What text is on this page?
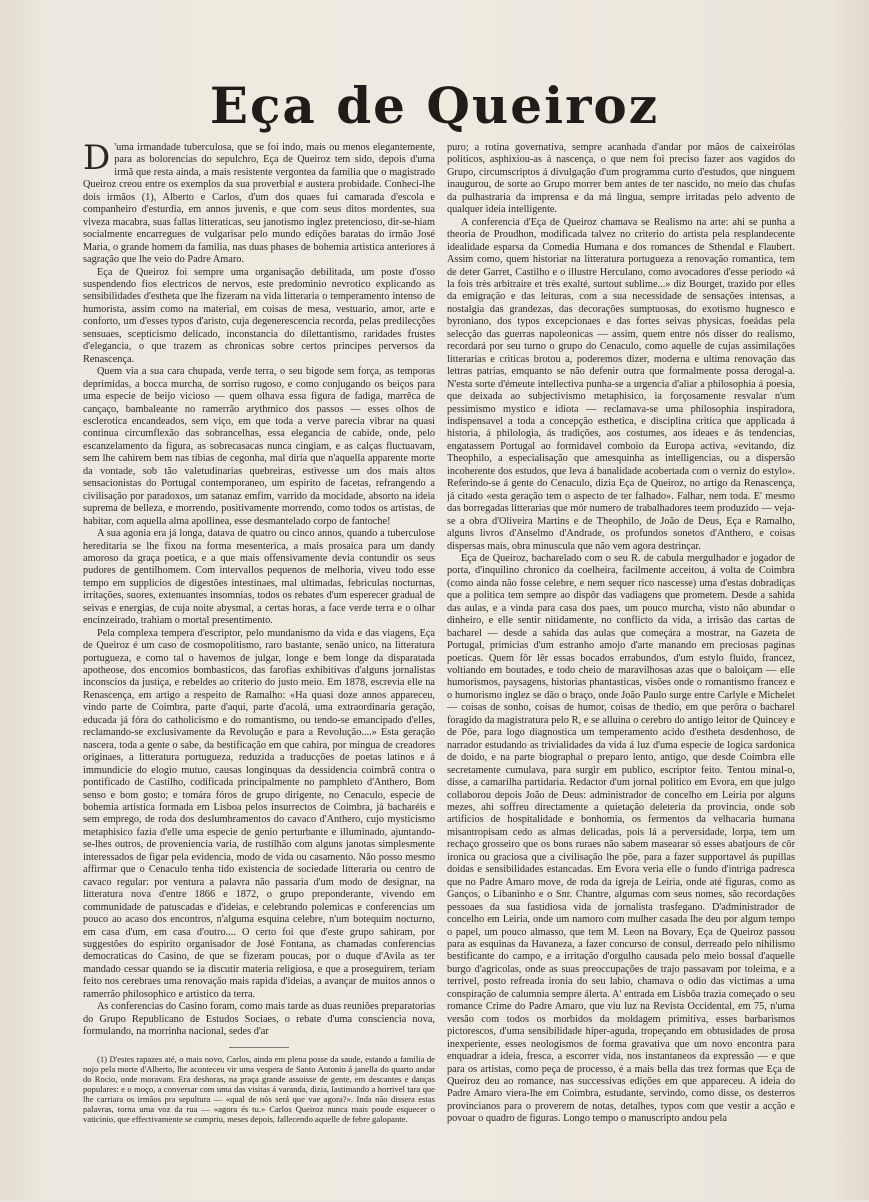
Eça de Queiroz

D 'uma irmandade tuberculosa, que se foi indo, mais ou menos elegantemente, para as bolorencias do sepulchro, Eça de Queiroz tem sido, depois d'uma irmã que resta ainda, a mais resistente vergontea da familia que o magistrado Queiroz creou entre os exemplos da sua proverbial e austera probidade. Conheci-lhe dois irmãos (1), Alberto e Carlos, d'um dos quaes fui camarada d'escola e companheiro d'esturdia, em annos juvenis, e que com seus ditos mordentes, sua viveza macabra, suas fallas litteraticas, seu janotismo inglez pretencioso, dir-se-hiam socialmente encarregues de vulgarisar pelo mundo edições baratas do irmão José Maria, o grande homem da familia, nas duas phases de bohemia artistica anteriores á sagração que lhe veio do Padre Amaro.

Eça de Queiroz foi sempre uma organisação debilitada, um poste d'osso suspendendo fios electricos de nervos, este predominio nevrotico explicando as sensibilidades d'estheta que lhe fizeram na vida litteraria o temperamento intenso de humorista, assim como na material, em coisas de mesa, vestuario, amor, arte e conforto, um d'esses typos d'aristo, cuja degenerescencia recorda, pelas predilecções sensuaes, scepticismo delicado, inconstancia do dilettantismo, raridades frustes d'elegancia, o que trazem as chronicas sobre certos principes perversos da Renascença.

Quem via a sua cara chupada, verde terra, o seu bigode sem força, as temporas deprimidas, a bocca murcha, de sorriso rugoso, e como conjugando os beiços para uma especie de beijo vicioso — quem olhava essa figura de fadiga, marrêca de cançaço, bambaleante no ramerrão arythmico dos passos — esses olhos de esclerotica encandeados, sem viço, em que toda a verve parecia vibrar na quasi continua circumflexão das sobrancelhas, essa elegancia de cabide, onde, pelo escanzelamento da figura, as sobrecasacas nunca cingiam, e as calças fluctuavam, sem lhe cahirem bem nas tibias de cegonha, mal diria que n'aquella apparente morte da vontade, sob tão valetudinarias quebreiras, estivesse um dos mais altos sensacionistas do Portugal contemporaneo, um espirito de facetas, refrangendo a civilisação por paradoxos, um satanaz emfim, varrido da mocidade, absorto na ideia suprema de belleza, e morrendo, positivamente morrendo, como todos os artistas, de habitar, com aquella alma apollinea, esse desmantelado corpo de fantoche!

A sua agonia era já longa, datava de quatro ou cinco annos, quando a tuberculose hereditaria se lhe fixou na forma mesenterica, a mais prosaica para um dandy amoroso da graça poetica, e a que mais offensivamente devia contundir os seus pudores de gentilhomem. Com intervallos pequenos de melhoria, viveu todo esse tempo em supplicios de digestões intestinaes, mal ultimadas, febriculas nocturnas, irritações, suores, extenuantes insomnias, todos os rebates d'um esperecer gradual de seivas e energias, de cuja noite abysmal, a certas horas, a face verde terra e o olhar encinzeirado, trahiam o mortal presentimento.

Pela complexa tempera d'escriptor, pelo mundanismo da vida e das viagens, Eça de Queiroz é um caso de cosmopolitismo, raro bastante, senão unico, na litteratura portugueza, e como tal o havemos de julgar, longe e bem longe da disparatada apotheose, dos encomios bombasticos, das farofias exhibitivas d'alguns jornalistas inconscios da justiça, e rebeldes ao criterio do justo meio. Em 1878, escrevia elle na Renascença, em artigo a respeito de Ramalho: «Ha quasi doze annos appareceu, vindo parte de Coimbra, parte d'aqui, parte d'acolá, uma extraordinaria geração, educada já fóra do catholicismo e do romantismo, ou tendo-se emancipado d'elles, reclamando-se exclusivamente da Revolução e para a Revolução....» Esta geração nascera, toda a gente o sabe, da bestificação em que cahira, por mingua de creadores originaes, a litteratura portugueza, reduzida a traducções de poetas latinos e á immundicie do elogio mutuo, causas longinquas da dessidencia coimbrã contra o pontificado de Castilho, codificada principalmente no pamphleto d'Anthero, Bom senso e bom gosto; e tomára fóros de grupo dirigente, no Cenaculo, especie de bohemia artistica formada em Lisboa pelos insurrectos de Coimbra, já bacharéis e sem emprego, de roda dos deslumbramentos do cavaco d'Anthero, cujo mysticismo metaphisico fazia d'elle uma especie de genio perturbante e illuminado, ajuntando-se-lhes outros, de proveniencia varia, de rustilhão com alguns janotas simplesmente interessados de figar pela evidencia, modo de vida ou casamento. Não posso mesmo affirmar que o Cenaculo tenha tido existencia de sociedade litteraria ou centro de cavaco regular: por ventura a palavra não passaria d'um modo de designar, na litteratura nova d'entre 1866 e 1872, o grupo preponderante, vivendo em communidade de patuscadas e d'ideias, e celebrando polemicas e conferencias um pouco ao acaso dos encontros, n'alguma esquina celebre, n'um botequim nocturno, em casa d'um, em casa d'outro.... O certo foi que d'este grupo sahiram, por suggestões do espirito organisador de José Fontana, as chamadas conferencias democraticas do Casino, de que se fizeram poucas, por o duque d'Avila as ter mandado cessar quando se ia discutir materia religiosa, e que a proseguirem, teriam feito nos cerebraes uma renovação mais rapida d'ideias, a avançar de muitos annos o ramerrão philosophico e artistico da terra.

As conferencias do Casino foram, como mais tarde as duas reuniões preparatorias do Grupo Republicano de Estudos Sociaes, o rebate d'uma consciencia nova, formulando, na morrinha nacional, sedes d'ar

(1) D'estes rapazes até, o mais novo, Carlos, ainda em plena posse da saude, estando a familia de nojo pela morte d'Alberto, lhe aconteceu vir uma vespera de Santo Antonio á janella do quarto andar do Rocio, onde moravam. Era deshoras, na praça grande assoisse de gente, em descantes e danças populares: e o moço, a conversar com uma das visitas á varanda, dizia, lastimando a horrivel tara que lhe carriara os irmãos pra sepultura — «qual de nós será que vae agora?». Inda não dissera estas palavras, torna uma voz da rua — «agora és tu.» Carlos Queiroz nunca mais poude esquecer o vaticinio, que effectivamente se cumpriu, meses depois, fallecendo aquelle de febre galopante.

puro; a rotina governativa, sempre acanhada d'andar por mãos de caixeirólas politicos, asphixiou-as á nascença, o que nem foi preciso fazer aos vagidos do Grupo, circumscriptos á divulgação d'um programma curto d'estudos, que ninguem inaugurou, de sorte ao Grupo morrer bem antes de ter nascido, no meio das chufas da pulhastraria da imprensa e da má lingua, sempre irritadas pelo advento de qualquer ideia intelligente.

A conferencia d'Eça de Queiroz chamava se Realismo na arte: ahi se punha a theoria de Proudhon, modificada talvez no criterio do artista pela resplandecente idealidade esparsa da Comedia Humana e dos romances de Sthendal e Flaubert. Assim como, quem historiar na litteratura portugueza a renovação romantica, tem de deter Garret, Castilho e o illustre Herculano, como avocadores d'esse periodo «á la fois très arbitraire et très exalté, surtout sublime...» diz Bourget, trazido por elles da emigração e das leituras, com a sua necessidade de sensações intensas, a nostalgia das grandezas, das decorações sumptuosas, do exotismo hugnesco e byroniano, dos typos excepcionaes e das fortes seivas physicas, foeádas pela selecção das guerras napoleonicas — assim, quem entre nós disser do realismo, recordará por seu turno o grupo do Cenaculo, como aquelle de cujas assimilações litterarias e criticas brotou a, poderemos dizer, moderna e ultima renovação das lettras patrias, emquanto se não defenir outra que formalmente possa derogal-a. N'esta sorte d'émeute intellectiva punha-se a urgencia d'aliar a philosophia á poesia, que deixada ao subjectivismo metaphisico, ia forçosamente resvalar n'um pessimismo mystico e idiota — reclamava-se uma philosophia inspiradora, indispensavel a toda a concepção esthetica, e disciplina critica que applicada á historia, á philologia, ás tradições, aos costumes, aos ideaes e ás tendencias, engatassem Portugal ao formidavel comboio da Europa activa, «evitando, diz Theophilo, a especialisação que amesquinha as intelligencias, ou a dispersão incoherente dos estudos, que leva á banalidade acobertada com o verniz do estylo». Referindo-se á gente do Cenaculo, dizia Eça de Queiroz, no artigo da Renascença, já citado «esta geração tem o aspecto de ter falhado». Falhar, nem toda. E' mesmo das borregadas litterarias que mór numero de trabalhadores teem produzido — veja-se a obra d'Oliveira Martins e de Theophilo, de João de Deus, Eça e Ramalho, alguns livros d'Anselmo d'Andrade, os profundos sonetos d'Anthero, e coisas dispersas mais, obra minuscula que não vem agora destrinçar.

Eça de Queiroz, bacharelado com o seu R. de cabula mergulhador e jogador de porta, d'inquilino chronico da coelheira, facilmente acceitou, á volta de Coimbra (como ainda não fosse celebre, e nem sequer rico nascesse) uma d'estas dobradiças que a politica tem sempre ao dispôr das vadiagens que prometem. Desde a sahida das aulas, e a vinda para casa dos paes, um pouco murcha, visto não abundar o dinheiro, e elle sentir nitidamente, no conflicto da vida, a irrisão das cartas de bacharel — desde a sahida das aulas que começára a mostrar, na Gazeta de Portugal, primicias d'um estranho amojo d'arte manando em preciosas paginas poeticas. Quem fôr lêr essas bocados errabundos, d'um estylo fluido, francez, voltiando em boutades, e todo cheio de maravilhosas azas que o baloiçam — elle humorismos, paysagens, historias phantasticas, visões onde o romantismo francez e o humorismo inglez se dão o braço, onde João Paulo surge entre Carlyle e Michelet — coisas de sonho, coisas de humor, coisas de thedio, em que perôra o bacharel foragido da magistratura pelo R, e se alluina o cerebro do antigo leitor de Quincey e de Põe, para logo diagnostica um temperamento acido d'estheta desdenhoso, de narrador estudando as trivialidades da vida á luz d'uma especie de logica sardonica de doido, e na parte biographal o preparo lento, antigo, que desde Coimbra elle secretamente cumulava, para surgir em publico, escriptor feito. Tentou minal-o, disse, a camarilha partidaria. Redactor d'um jornal politico em Evora, em que julgo collaborou depois João de Deus: administrador de concelho em Leiria por alguns mezes, ahi soffreu directamente a quietação deleteria da provincia, onde sob artificios de hospitalidade e bonhomia, os fermentos da velhacaria humana misantropisam cedo as almas delicadas, pois lá a perversidade, lorpa, tem um rechaço grosseiro que os bons ruraes não sabem masearar só esses abatjours de côr ironica ou graciosa que a civilisação lhe põe, para a fazer supportavel ás pupillas doidas e sensibilidades estancadas. Em Evora veria elle o fundo d'intriga padresca que no Padre Amaro move, de roda da igreja de Leiria, onde até figuras, como as Ganços, o Libaninho e o Snr. Chantre, algumas com seus nomes, são recordações pessoaes da sua fastidiosa vida de jornalista trasfegano. D'administrador de concelho em Leiria, onde um namoro com mulher casada lhe deu por algum tempo o papel, um pouco almasso, que tem M. Leon na Bovary, Eça de Queiroz passou para as esquinas da Havaneza, a fazer concurso de consul, derreado pelo nihilismo bestificante do campo, e a irritação d'orgulho causada pelo meio bossal d'aquelle burgo d'agricolas, onde as suas preoccupações de trajo passavam por toleima, e a terrivel, posto refreada ironia do seu labio, chamava o odio das victimas a uma conspiração de calumnia sempre álerta. A' entrada em Lisbôa trazia começado o seu romance Crime do Padre Amaro, que viu luz na Revista Occidental, em 75, n'uma versão com todos os morbidos da moldagem primitiva, esses barbarismos pictorescos, d'uma sensibilidade hiper-aguda, tropeçando em obtusidades de prosa inexperiente, esses neologismos de forma gravativa que um novo encontra para enquadrar a ideia, fresca, a escorrer vida, nos instantaneos da expressão — e que para os artistas, como peça de processo, é a mais bella das trez formas que Eça de Queiroz deu ao romance, nas successivas edições em que appareceu. A ideia do Padre Amaro viera-lhe em Coimbra, estudante, servindo, como disse, os desterros provincianos para o proverem de notas, detalhes, typos com que vestir a acção e povoar o quadro de figuras. Longo tempo o manuscripto andou pela
